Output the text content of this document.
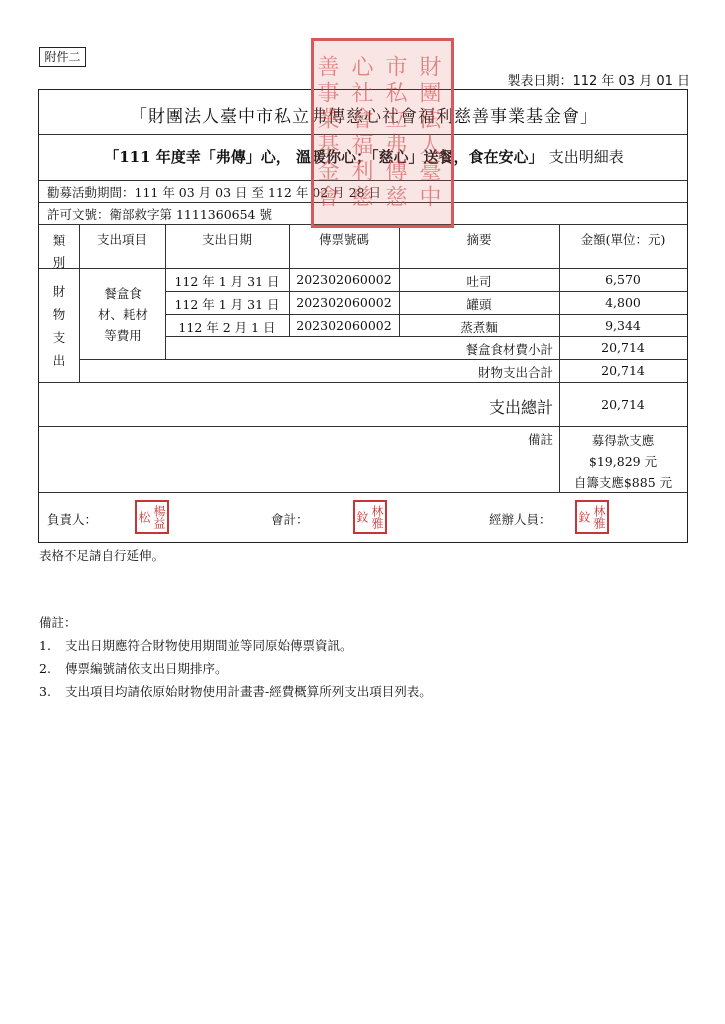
附件二
製表日期：112 年 03 月 01 日
「財團法人臺中市私立弗傳慈心社會福利慈善事業基金會」
「111 年度幸「弗傳」心， 溫暖你心；「慈心」送餐，食在安心」 支出明細表
勸募活動期間：111 年 03 月 03 日 至 112 年 02 月 28 日
許可文號：衛部救字第 1111360654 號
類別
支出項目	支出日期	傳票號碼	摘要	金額(單位：元)
財物支出
餐盒食材、耗材等費用
112 年 1 月 31 日	202302060002	吐司	6,570
112 年 1 月 31 日	202302060002	罐頭	4,800
112 年 2 月 1 日	202302060002	蒸煮麵	9,344
餐盒食材費小計	20,714
財物支出合計	20,714
支出總計	20,714
備註	募得款支應
$19,829 元
自籌支應$885 元
負責人：	楊益松	會計：	林雅鈫	經辦人員：	林雅鈫
財團法人臺中市私立弗傳慈心社會福利慈善事業基金會
表格不足請自行延伸。
備註：
1. 支出日期應符合財物使用期間並等同原始傳票資訊。
2. 傳票編號請依支出日期排序。
3. 支出項目均請依原始財物使用計畫書-經費概算所列支出項目列表。
